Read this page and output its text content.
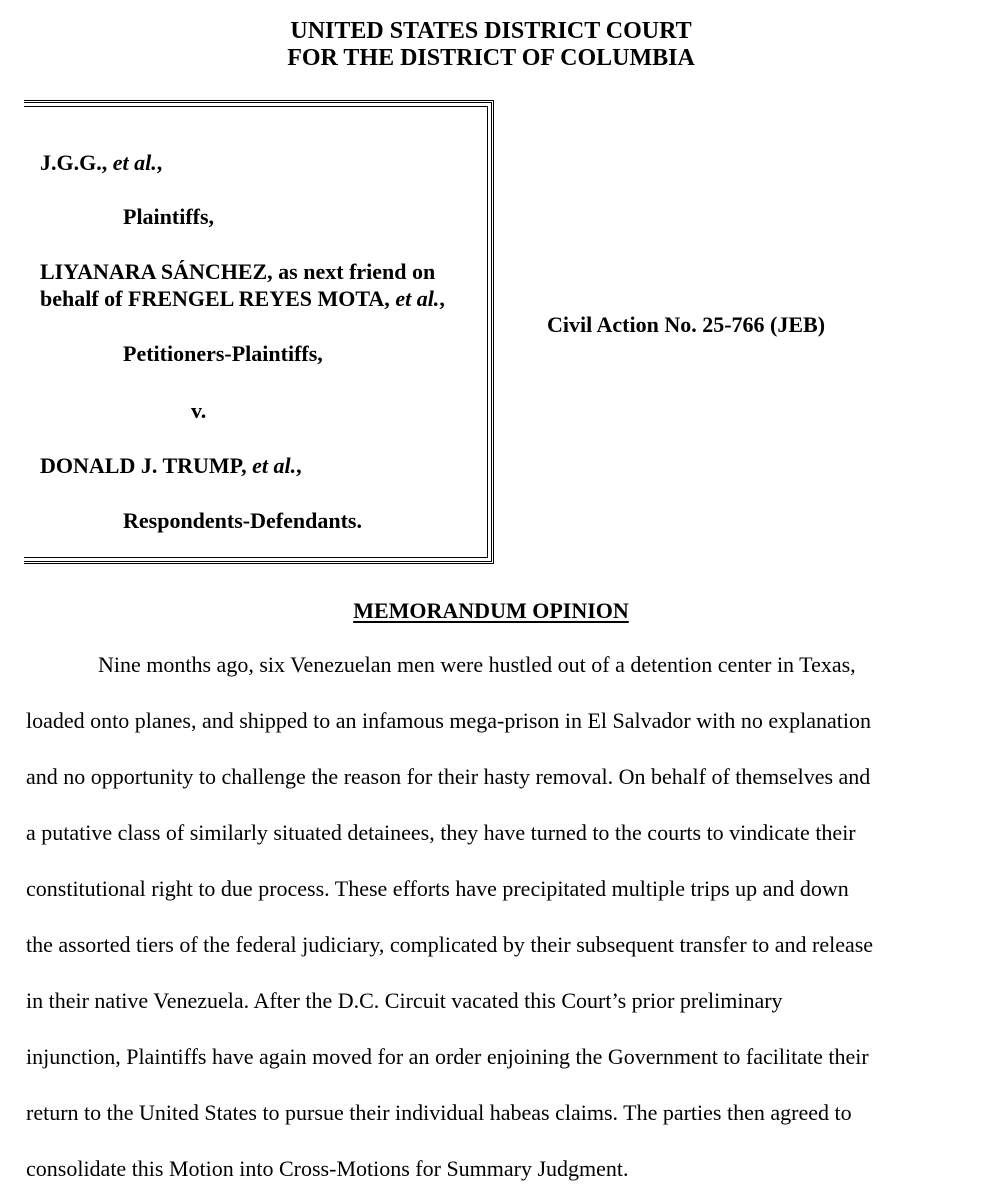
UNITED STATES DISTRICT COURT
FOR THE DISTRICT OF COLUMBIA
J.G.G., et al.,
Plaintiffs,
LIYANARA SÁNCHEZ, as next friend on
behalf of FRENGEL REYES MOTA, et al.,
Petitioners-Plaintiffs,
v.
DONALD J. TRUMP, et al.,
Respondents-Defendants.
Civil Action No. 25-766 (JEB)
MEMORANDUM OPINION
Nine months ago, six Venezuelan men were hustled out of a detention center in Texas,
loaded onto planes, and shipped to an infamous mega-prison in El Salvador with no explanation
and no opportunity to challenge the reason for their hasty removal. On behalf of themselves and
a putative class of similarly situated detainees, they have turned to the courts to vindicate their
constitutional right to due process. These efforts have precipitated multiple trips up and down
the assorted tiers of the federal judiciary, complicated by their subsequent transfer to and release
in their native Venezuela. After the D.C. Circuit vacated this Court’s prior preliminary
injunction, Plaintiffs have again moved for an order enjoining the Government to facilitate their
return to the United States to pursue their individual habeas claims. The parties then agreed to
consolidate this Motion into Cross-Motions for Summary Judgment.
